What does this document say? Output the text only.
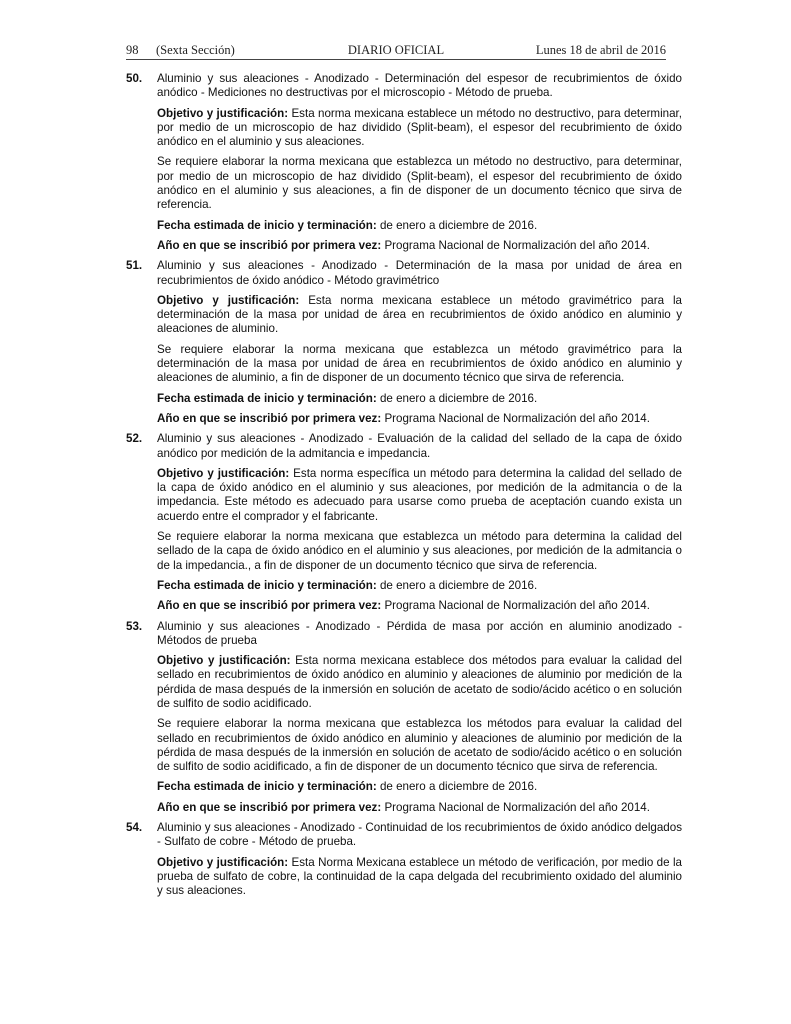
98 (Sexta Sección)	DIARIO OFICIAL	Lunes 18 de abril de 2016
50. Aluminio y sus aleaciones - Anodizado - Determinación del espesor de recubrimientos de óxido anódico - Mediciones no destructivas por el microscopio - Método de prueba.

Objetivo y justificación: Esta norma mexicana establece un método no destructivo, para determinar, por medio de un microscopio de haz dividido (Split-beam), el espesor del recubrimiento de óxido anódico en el aluminio y sus aleaciones.

Se requiere elaborar la norma mexicana que establezca un método no destructivo, para determinar, por medio de un microscopio de haz dividido (Split-beam), el espesor del recubrimiento de óxido anódico en el aluminio y sus aleaciones, a fin de disponer de un documento técnico que sirva de referencia.

Fecha estimada de inicio y terminación: de enero a diciembre de 2016.

Año en que se inscribió por primera vez: Programa Nacional de Normalización del año 2014.

51. Aluminio y sus aleaciones - Anodizado - Determinación de la masa por unidad de área en recubrimientos de óxido anódico - Método gravimétrico

Objetivo y justificación: Esta norma mexicana establece un método gravimétrico para la determinación de la masa por unidad de área en recubrimientos de óxido anódico en aluminio y aleaciones de aluminio.

Se requiere elaborar la norma mexicana que establezca un método gravimétrico para la determinación de la masa por unidad de área en recubrimientos de óxido anódico en aluminio y aleaciones de aluminio, a fin de disponer de un documento técnico que sirva de referencia.

Fecha estimada de inicio y terminación: de enero a diciembre de 2016.

Año en que se inscribió por primera vez: Programa Nacional de Normalización del año 2014.

52. Aluminio y sus aleaciones - Anodizado - Evaluación de la calidad del sellado de la capa de óxido anódico por medición de la admitancia e impedancia.

Objetivo y justificación: Esta norma específica un método para determina la calidad del sellado de la capa de óxido anódico en el aluminio y sus aleaciones, por medición de la admitancia o de la impedancia. Este método es adecuado para usarse como prueba de aceptación cuando exista un acuerdo entre el comprador y el fabricante.

Se requiere elaborar la norma mexicana que establezca un método para determina la calidad del sellado de la capa de óxido anódico en el aluminio y sus aleaciones, por medición de la admitancia o de la impedancia., a fin de disponer de un documento técnico que sirva de referencia.

Fecha estimada de inicio y terminación: de enero a diciembre de 2016.

Año en que se inscribió por primera vez: Programa Nacional de Normalización del año 2014.

53. Aluminio y sus aleaciones - Anodizado - Pérdida de masa por acción en aluminio anodizado - Métodos de prueba

Objetivo y justificación: Esta norma mexicana establece dos métodos para evaluar la calidad del sellado en recubrimientos de óxido anódico en aluminio y aleaciones de aluminio por medición de la pérdida de masa después de la inmersión en solución de acetato de sodio/ácido acético o en solución de sulfito de sodio acidificado.

Se requiere elaborar la norma mexicana que establezca los métodos para evaluar la calidad del sellado en recubrimientos de óxido anódico en aluminio y aleaciones de aluminio por medición de la pérdida de masa después de la inmersión en solución de acetato de sodio/ácido acético o en solución de sulfito de sodio acidificado, a fin de disponer de un documento técnico que sirva de referencia.

Fecha estimada de inicio y terminación: de enero a diciembre de 2016.

Año en que se inscribió por primera vez: Programa Nacional de Normalización del año 2014.

54. Aluminio y sus aleaciones - Anodizado - Continuidad de los recubrimientos de óxido anódico delgados - Sulfato de cobre - Método de prueba.

Objetivo y justificación: Esta Norma Mexicana establece un método de verificación, por medio de la prueba de sulfato de cobre, la continuidad de la capa delgada del recubrimiento oxidado del aluminio y sus aleaciones.
